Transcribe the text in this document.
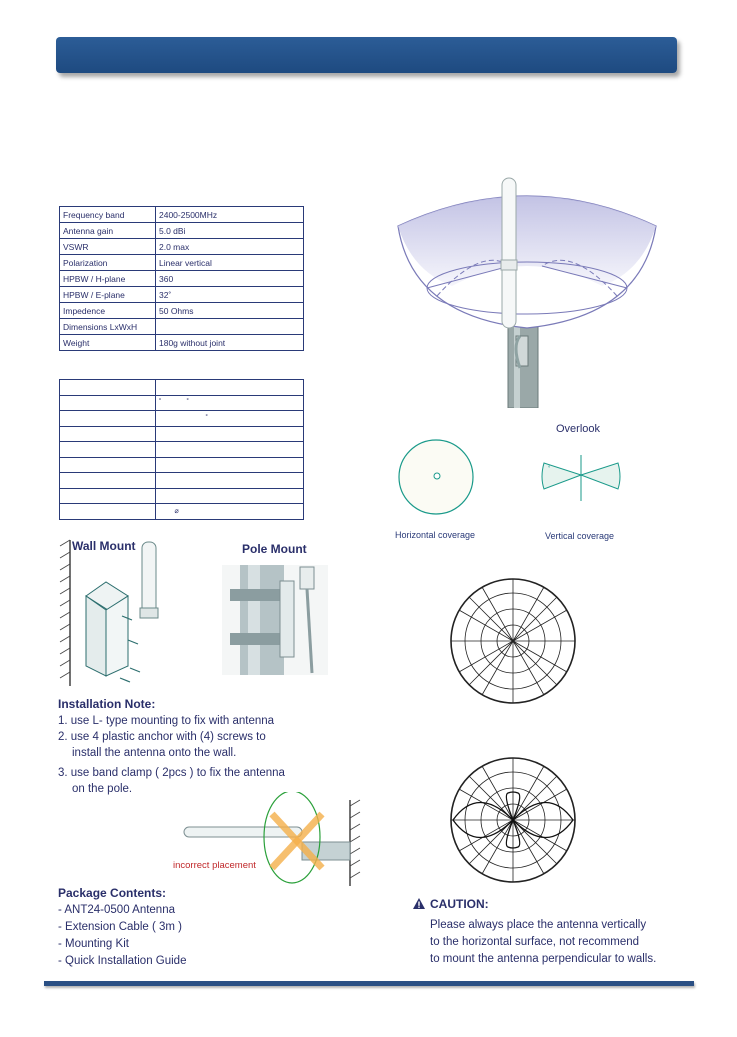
Frequency band	2400-2500MHz
Antenna gain	5.0 dBi
VSWR	2.0 max
Polarization	Linear vertical
HPBW / H-plane	360
HPBW / E-plane	32˚
Impedence	50 Ohms
Dimensions LxWxH	
Weight	180g without joint

	˚             ˚
	˚

	⌀
Overlook
Horizontal coverage
°
Vertical coverage
Wall Mount	Pole Mount
Installation Note:
1. use L- type mounting to fix with antenna
2. use 4 plastic anchor with (4) screws to
install the antenna onto the wall.
3. use band clamp ( 2pcs ) to fix the antenna
on the pole.
incorrect placement
Package Contents:
- ANT24-0500 Antenna
- Extension Cable ( 3m )
- Mounting Kit
- Quick Installation Guide
CAUTION:
Please always place the antenna vertically
to the horizontal surface, not recommend
to mount the antenna perpendicular to walls.
